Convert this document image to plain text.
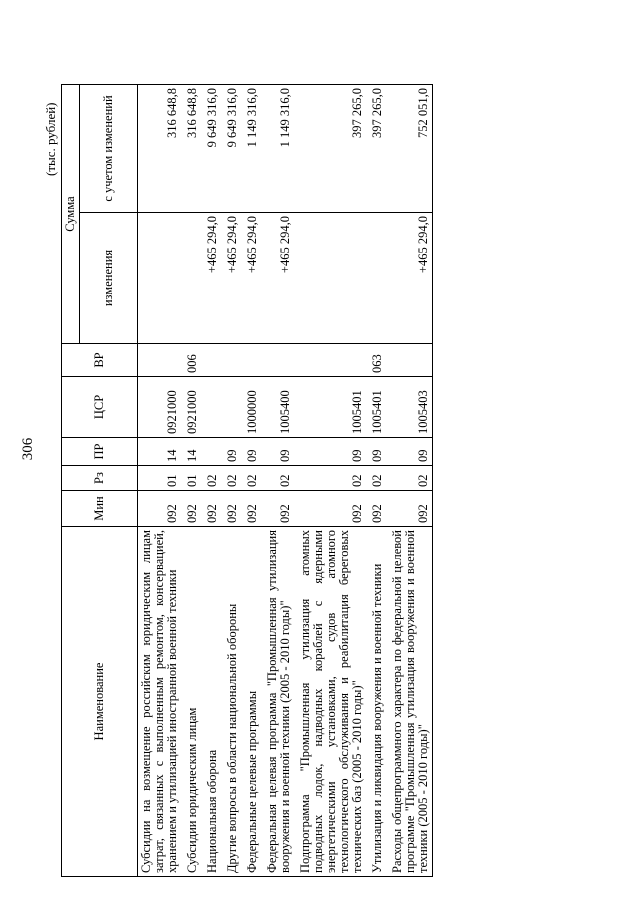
306
(тыс. рублей)
Наименование	Мин	Рз	ПР	ЦСР	ВР	Сумма	
						изменения	с учетом изменений
Субсидии на возмещение российским юридическим лицам затрат, связанных с выполненным ремонтом, консервацией, хранением и утилизацией иностранной военной техники	092	01	14	0921000			316 648,8
Субсидии юридическим лицам	092	01	14	0921000	006		316 648,8
Национальная оборона	092	02				+465 294,0	9 649 316,0
Другие вопросы в области национальной обороны	092	02	09			+465 294,0	9 649 316,0
Федеральные целевые программы	092	02	09	1000000		+465 294,0	1 149 316,0
Федеральная целевая программа "Промышленная утилизация вооружения и военной техники (2005 - 2010 годы)"	092	02	09	1005400		+465 294,0	1 149 316,0
Подпрограмма "Промышленная утилизация атомных подводных лодок, надводных кораблей с ядерными энергетическими установками, судов атомного технологического обслуживания и реабилитация береговых технических баз (2005 - 2010 годы)"	092	02	09	1005401			397 265,0
Утилизация и ликвидация вооружения и военной техники	092	02	09	1005401	063		397 265,0
Расходы общепрограммного характера по федеральной целевой программе "Промышленная утилизация вооружения и военной техники (2005 - 2010 годы)"	092	02	09	1005403		+465 294,0	752 051,0
